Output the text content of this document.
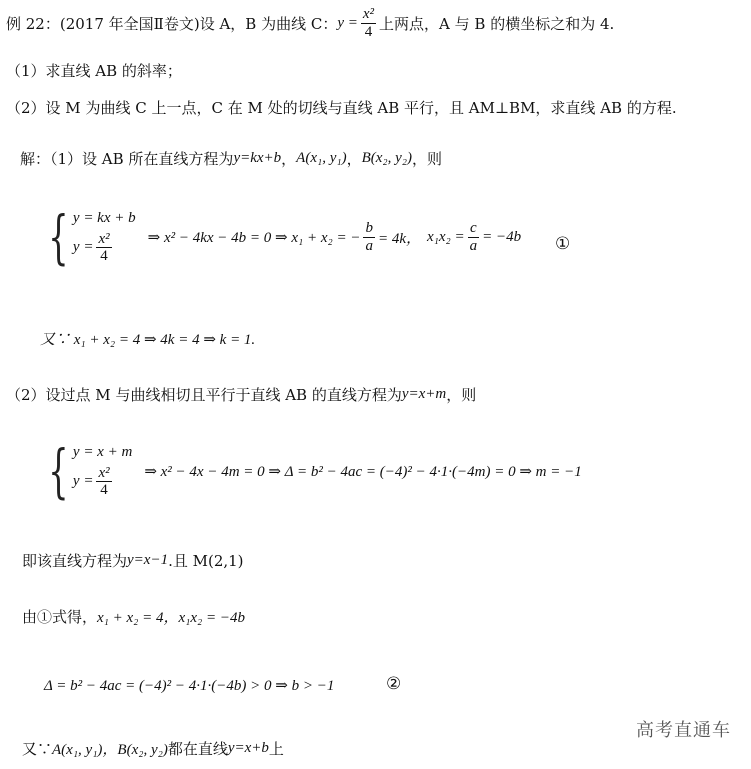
例 22： (2017 年全国Ⅱ卷文) 设 A，B 为曲线 C： $y = \frac{\text{x²}}{4}$ 上两点，A 与 B 的横坐标之和为 4.
（1）求直线 AB 的斜率；
（2）设 M 为曲线 C 上一点，C 在 M 处的切线与直线 AB 平行，且 AM⊥BM，求直线 AB 的方程.
解：（1）设 AB 所在直线方程为 y=kx+b ， A(x₁, y₁) ， B(x₂, y₂) ，则
{ y = kx + b
$y = \frac{\text{x²}}{4}$ ⇒ x² − 4kx − 4b = 0 ⇒ x₁ + x₂ = − $\frac{b}{a} = 4k$， $x_1x_2 = \frac{c}{a} = -4b$ ①
又∵ x₁ + x₂ = 4 ⇒ 4k = 4 ⇒ k = 1.
（2）设过点 M 与曲线相切且平行于直线 AB 的直线方程为 y=x+m ，则
{ y = x + m
$y = \frac{\text{x²}}{4}$ ⇒ x² − 4x − 4m = 0 ⇒ Δ = b² − 4ac = (−4)² − 4·1·(−4m) = 0 ⇒ m = −1
即该直线方程为 y=x−1 .且 M(2,1)
由①式得， x₁ + x₂ = 4，x₁x₂ = −4b
Δ = b² − 4ac = (−4)² − 4·1·(−4b) > 0 ⇒ b > −1	②
又∵ A(x₁, y₁)，B(x₂, y₂) 都在直线 y=x+b 上
高考直通车
